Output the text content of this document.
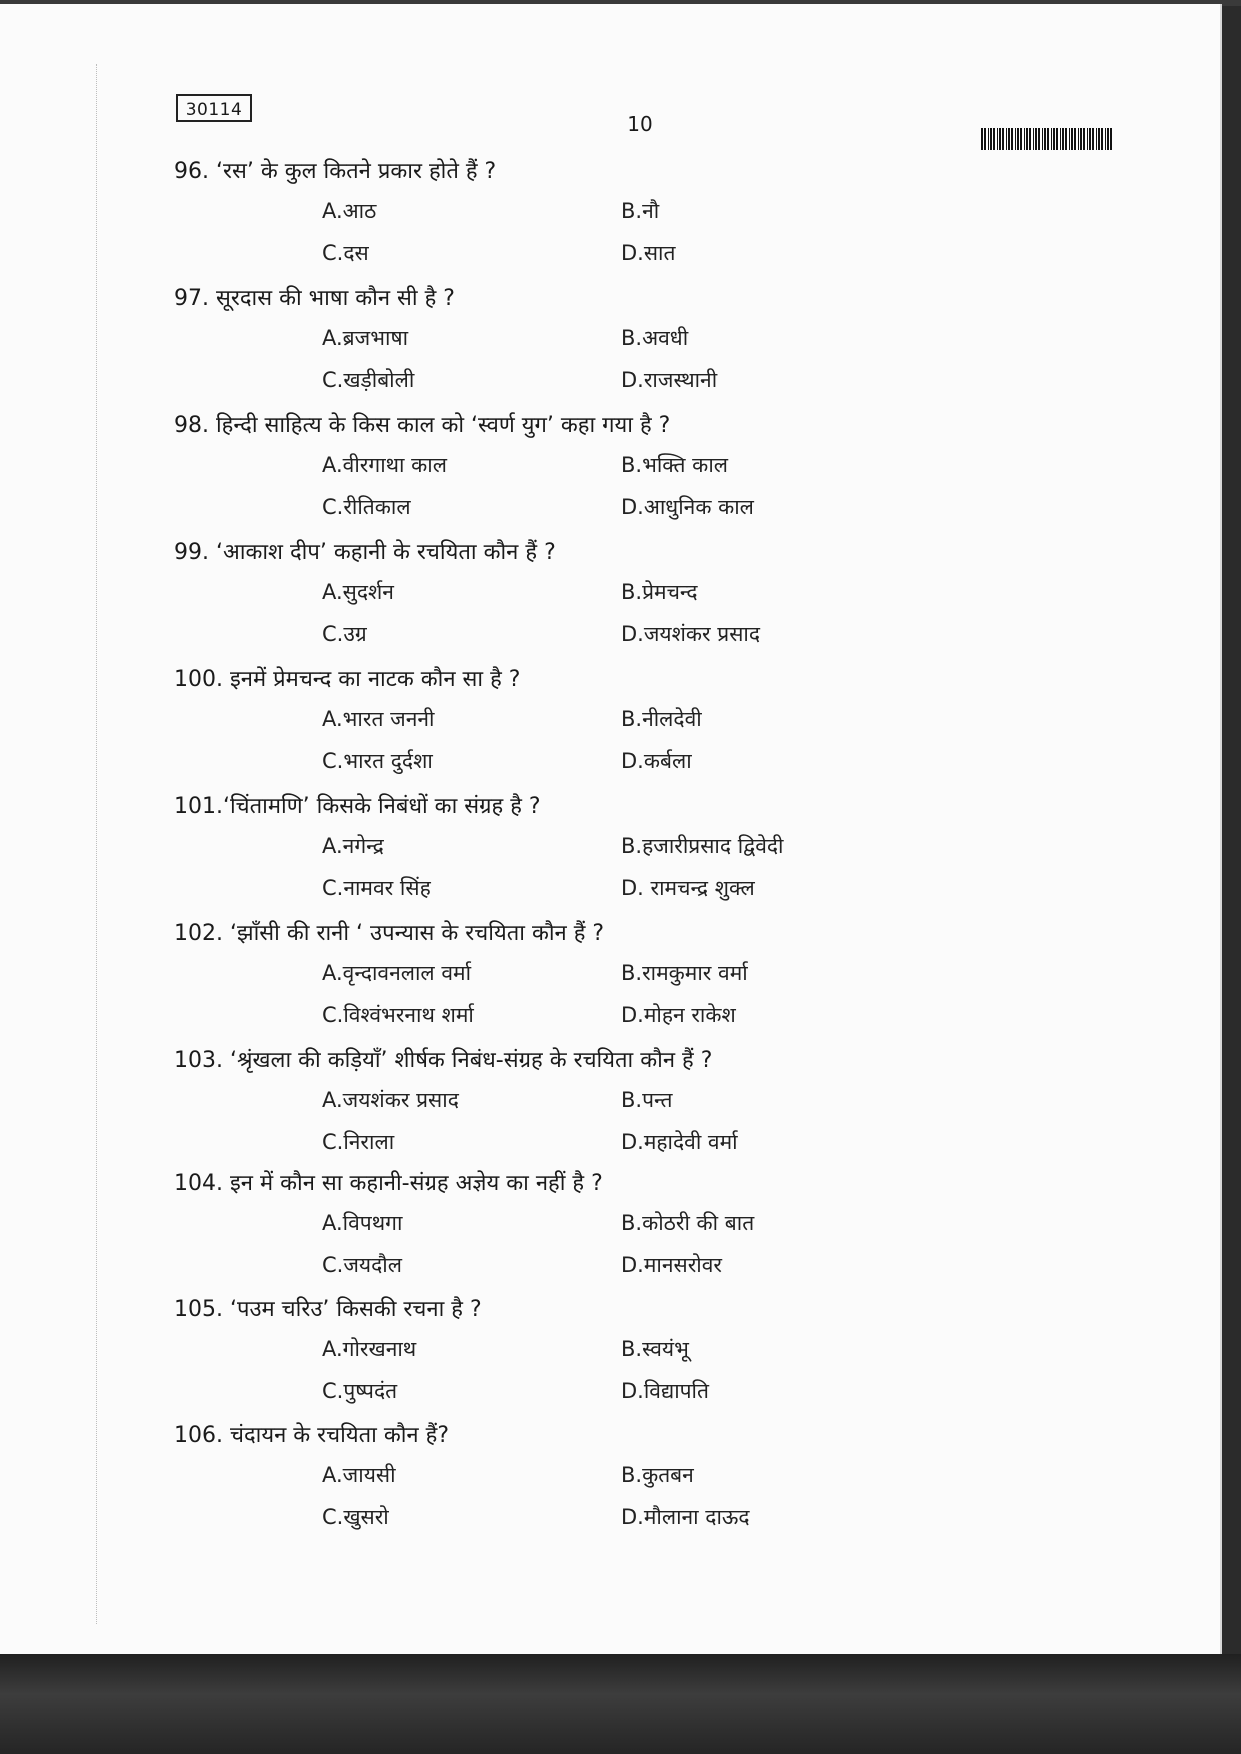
30114
10
96. ‘रस’ के कुल कितने प्रकार होते हैं ?
A.आठ	B.नौ
C.दस	D.सात
97. सूरदास की भाषा कौन सी है ?
A.ब्रजभाषा	B.अवधी
C.खड़ीबोली	D.राजस्थानी
98. हिन्दी साहित्य के किस काल को ‘स्वर्ण युग’ कहा गया है ?
A.वीरगाथा काल	B.भक्ति काल
C.रीतिकाल	D.आधुनिक काल
99. ‘आकाश दीप’ कहानी के रचयिता कौन हैं ?
A.सुदर्शन	B.प्रेमचन्द
C.उग्र	D.जयशंकर प्रसाद
100. इनमें प्रेमचन्द का नाटक कौन सा है ?
A.भारत जननी	B.नीलदेवी
C.भारत दुर्दशा	D.कर्बला
101.‘चिंतामणि’ किसके निबंधों का संग्रह है ?
A.नगेन्द्र	B.हजारीप्रसाद द्विवेदी
C.नामवर सिंह	D. रामचन्द्र शुक्ल
102. ‘झाँसी की रानी ‘ उपन्यास के रचयिता कौन हैं ?
A.वृन्दावनलाल वर्मा	B.रामकुमार वर्मा
C.विश्वंभरनाथ शर्मा	D.मोहन राकेश
103. ‘श्रृंखला की कड़ियाँ’ शीर्षक निबंध-संग्रह के रचयिता कौन हैं ?
A.जयशंकर प्रसाद	B.पन्त
C.निराला	D.महादेवी वर्मा
104. इन में कौन सा कहानी-संग्रह अज्ञेय का नहीं है ?
A.विपथगा	B.कोठरी की बात
C.जयदौल	D.मानसरोवर
105. ‘पउम चरिउ’ किसकी रचना है ?
A.गोरखनाथ	B.स्वयंभू
C.पुष्पदंत	D.विद्यापति
106. चंदायन के रचयिता कौन हैं?
A.जायसी	B.कुतबन
C.खुसरो	D.मौलाना दाऊद
